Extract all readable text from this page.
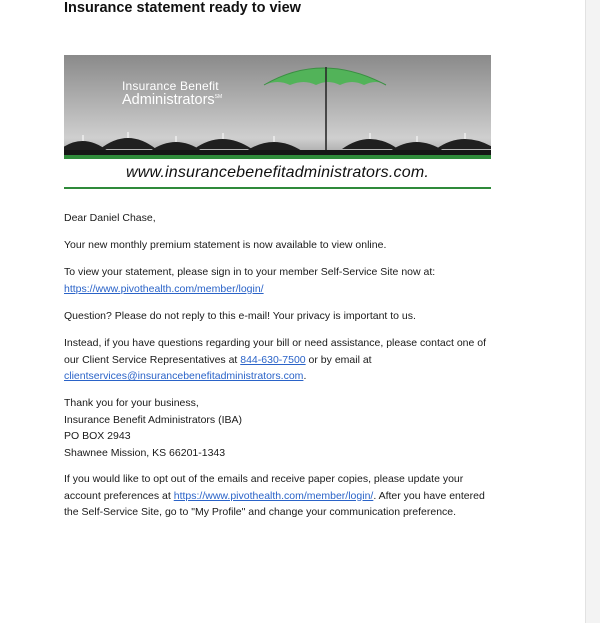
Insurance statement ready to view
Insurance Benefit
Administrators℠
www.insurancebenefitadministrators.com.
Dear Daniel Chase,
Your new monthly premium statement is now available to view online.
To view your statement, please sign in to your member Self-Service Site now at: https://www.pivothealth.com/member/login/
Question? Please do not reply to this e-mail! Your privacy is important to us.
Instead, if you have questions regarding your bill or need assistance, please contact one of our Client Service Representatives at 844-630-7500 or by email at clientservices@insurancebenefitadministrators.com.
Thank you for your business,
Insurance Benefit Administrators (IBA)
PO BOX 2943
Shawnee Mission, KS 66201-1343
If you would like to opt out of the emails and receive paper copies, please update your account preferences at https://www.pivothealth.com/member/login/. After you have entered the Self-Service Site, go to "My Profile" and change your communication preference.
